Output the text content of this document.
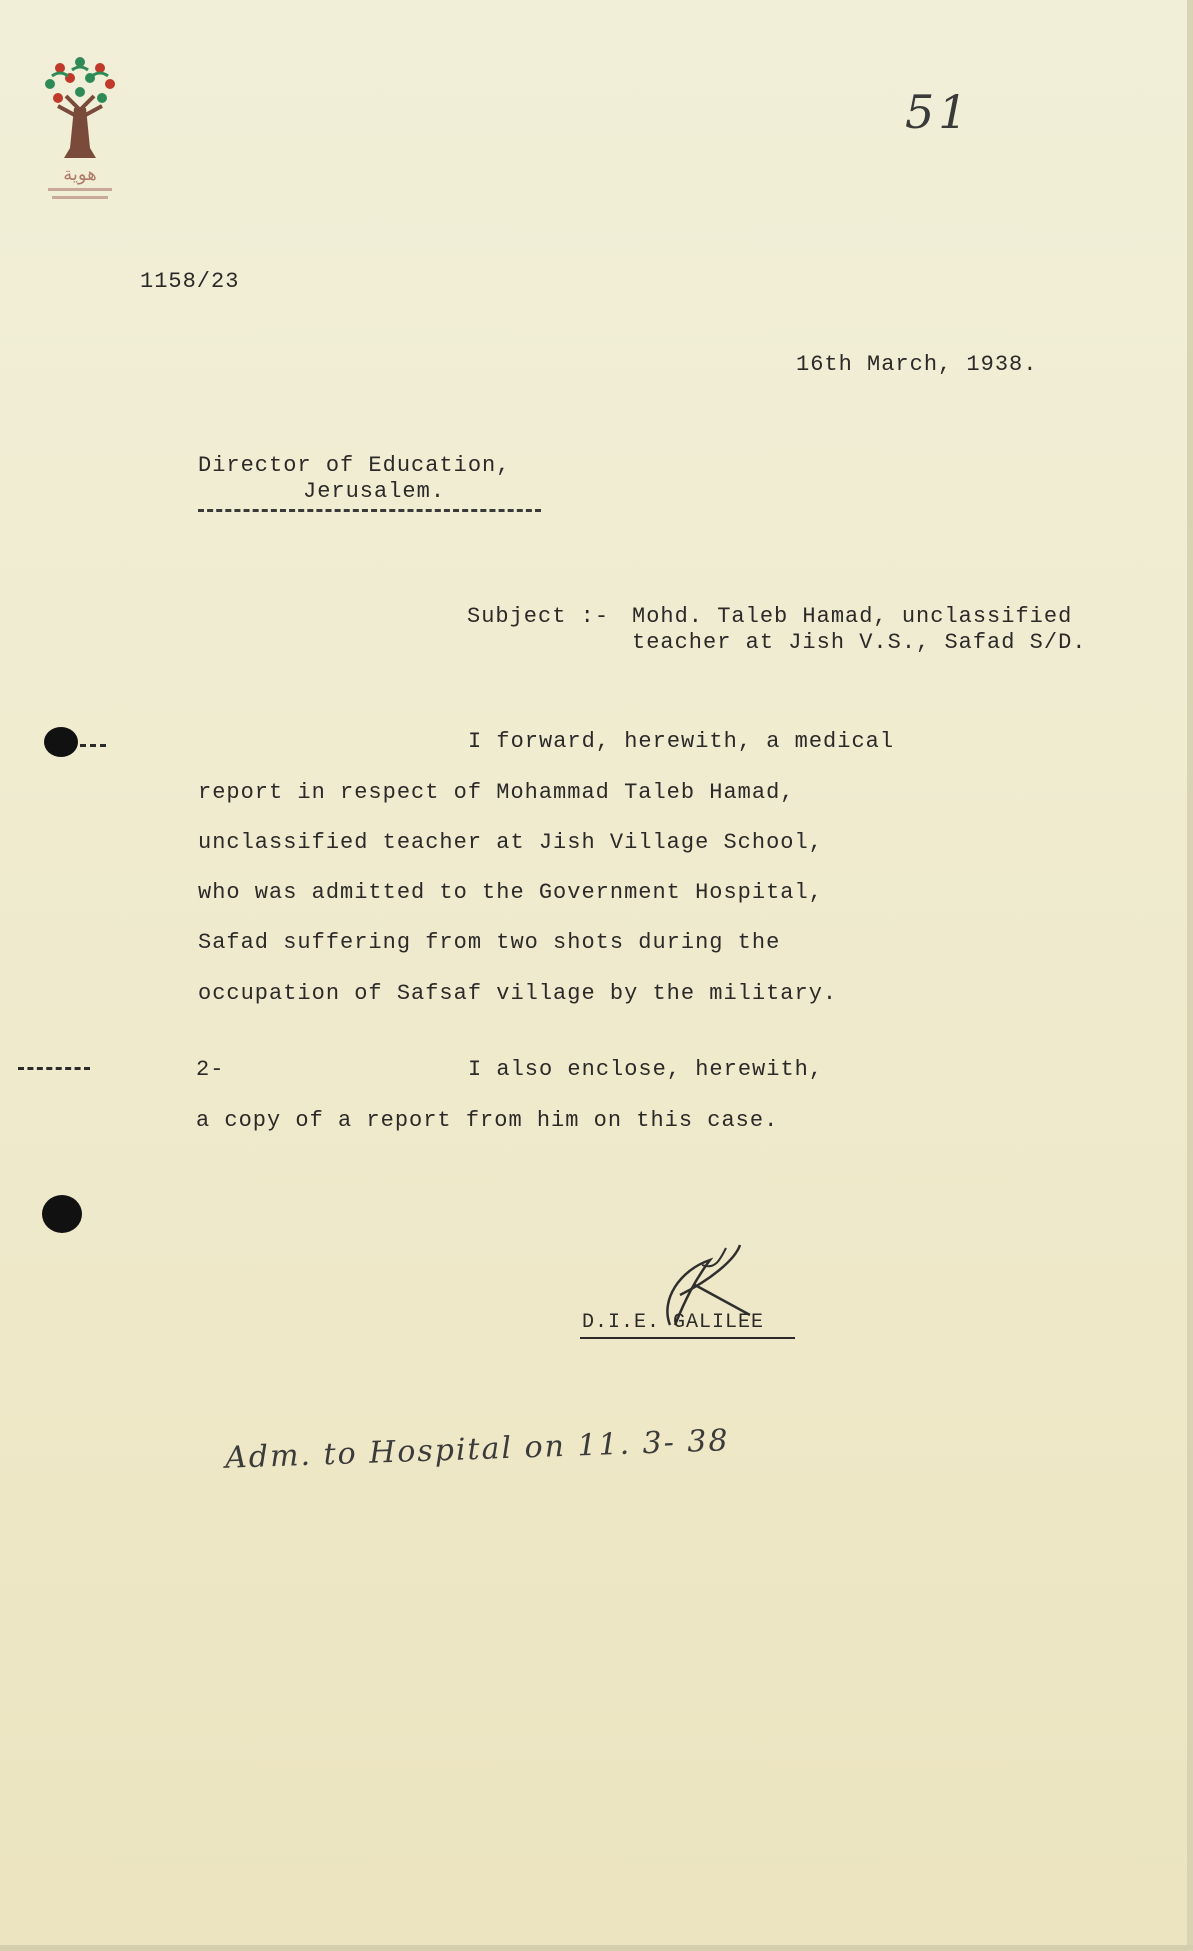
هوية
51
1158/23
16th March, 1938.
Director of Education,
Jerusalem.
Subject :- Mohd. Taleb Hamad, unclassified
teacher at Jish V.S., Safad S/D.
I forward, herewith, a medical
report in respect of Mohammad Taleb Hamad,
unclassified teacher at Jish Village School,
who was admitted to the Government Hospital,
Safad suffering from two shots during the
occupation of Safsaf village by the military.
2-	I also enclose, herewith,
a copy of a report from him on this case.
D.I.E. GALILEE
Adm. to Hospital on 11. 3- 38
